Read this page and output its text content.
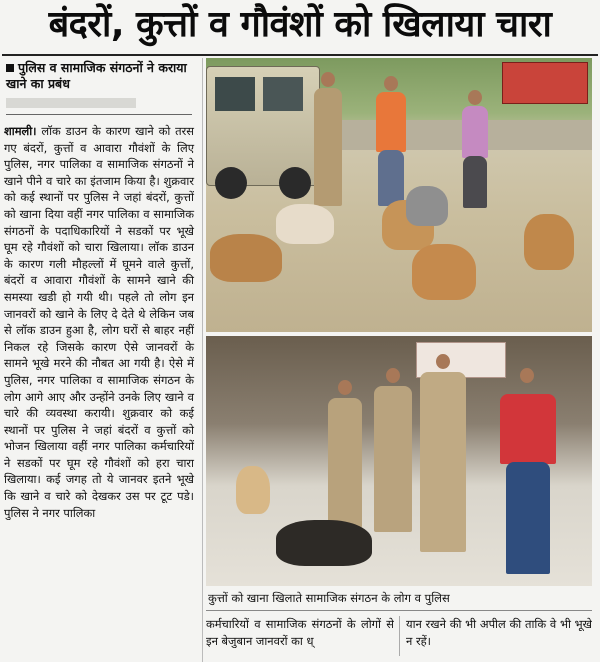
बंदरों, कुत्तों व गौवंशों को खिलाया चारा
पुलिस व सामाजिक संगठनों ने कराया खाने का प्रबंध
शामली। लॉक डाउन के कारण खाने को तरस गए बंदरों, कुत्तों व आवारा गौवंशों के लिए पुलिस, नगर पालिका व सामाजिक संगठनों ने खाने पीने व चारे का इंतजाम किया है। शुक्रवार को कई स्थानों पर पुलिस ने जहां बंदरों, कुत्तों को खाना दिया वहीं नगर पालिका व सामाजिक संगठनों के पदाधिकारियों ने सडकों पर भूखे घूम रहे गौवंशों को चारा खिलाया। लॉक डाउन के कारण गली मौहल्लों में घूमने वाले कुत्तों, बंदरों व आवारा गौवंशों के सामने खाने की समस्या खडी हो गयी थी। पहले तो लोग इन जानवरों को खाने के लिए दे देते थे लेकिन जब से लॉक डाउन हुआ है, लोग घरों से बाहर नहीं निकल रहे जिसके कारण ऐसे जानवरों के सामने भूखे मरने की नौबत आ गयी है। ऐसे में पुलिस, नगर पालिका व सामाजिक संगठन के लोग आगे आए और उन्होंने उनके लिए खाने व चारे की व्यवस्था करायी। शुक्रवार को कई स्थानों पर पुलिस ने जहां बंदरों व कुत्तों को भोजन खिलाया वहीं नगर पालिका कर्मचारियों ने सडकों पर घूम रहे गौवंशों को हरा चारा खिलाया। कई जगह तो ये जानवर इतने भूखे कि खाने व चारे को देखकर उस पर टूट पडे। पुलिस ने नगर पालिका
कुत्तों को खाना खिलाते सामाजिक संगठन के लोग व पुलिस
कर्मचारियों व सामाजिक संगठनों के लोगों से इन बेजुबान जानवरों का ध्
यान रखने की भी अपील की ताकि वे भी भूखे न रहें।
